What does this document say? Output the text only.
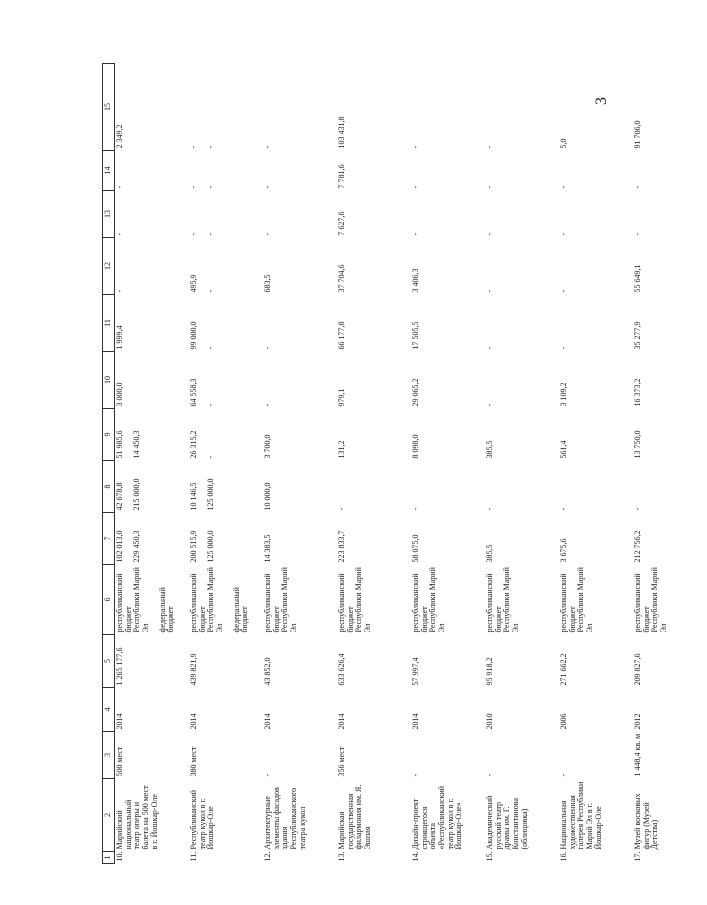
3
1	2	3	4	5	6	7	8	9	10	11	12	13	14	15
10.	Марийский национальный театр оперы и балета на 500 мест в г. Йошкар-Оле	500 мест	2014	1 265 177,6	республиканский бюджет Республики Марий Эл федеральный бюджет	102 013,0 229 450,3	42 678,8 215 000,0	51 985,6 14 450,3	3 000,0	1 999,4	-	-	-	2 349,2

11.	Республиканский театр кукол в г. Йошкар-Оле	380 мест	2014	439 821,9	республиканский бюджет Республики Марий Эл федеральный бюджет	200 515,9 125 000,0	10 146,5 125 000,0	26 315,2 -	64 558,3 -	99 000,0 -	495,9 -	- -	- -	- -

12.	Архитектурные элементы фасадов здания Республиканского театра кукол	-	2014	43 852,0	республиканский бюджет Республики Марий Эл	14 383,5	10 000,0	3 700,0	-	-	683,5	-	-	-

13.	Марийская государственная филармония им. Я. Эшпая	356 мест	2014	633 626,4	республиканский бюджет Республики Марий Эл	223 833,7	-	131,2	979,1	66 177,8	37 704,6	7 627,6	7 781,6	103 431,8

14.	Дизайн-проект строящегося объекта «Республиканский театр кукол в г. Йошкар-Оле»	-	2014	57 997,4	республиканский бюджет Республики Марий Эл	58 075,0	-	8 098,0	29 065,2	17 505,5	3 406,3	-	-	-

15.	Академический русский театр драмы им. Г. Константинова (облицовка)	-	2010	95 918,2	республиканский бюджет Республики Марий Эл	385,5	-	385,5	-	-	-	-	-	-

16.	Национальная художественная галерея Республики Марий Эл в г. Йошкар-Оле	-	2006	271 662,2	республиканский бюджет Республики Марий Эл	3 675,6	-	561,4	3 109,2	-	-	-	-	5,0

17.	Музей восковых фигур (Музей Детства)	1 448,4 кв. м	2012	209 827,6	республиканский бюджет Республики Марий Эл	212 756,2	-	13 750,0	16 373,2	35 277,9	55 649,1	-	-	91 706,0
